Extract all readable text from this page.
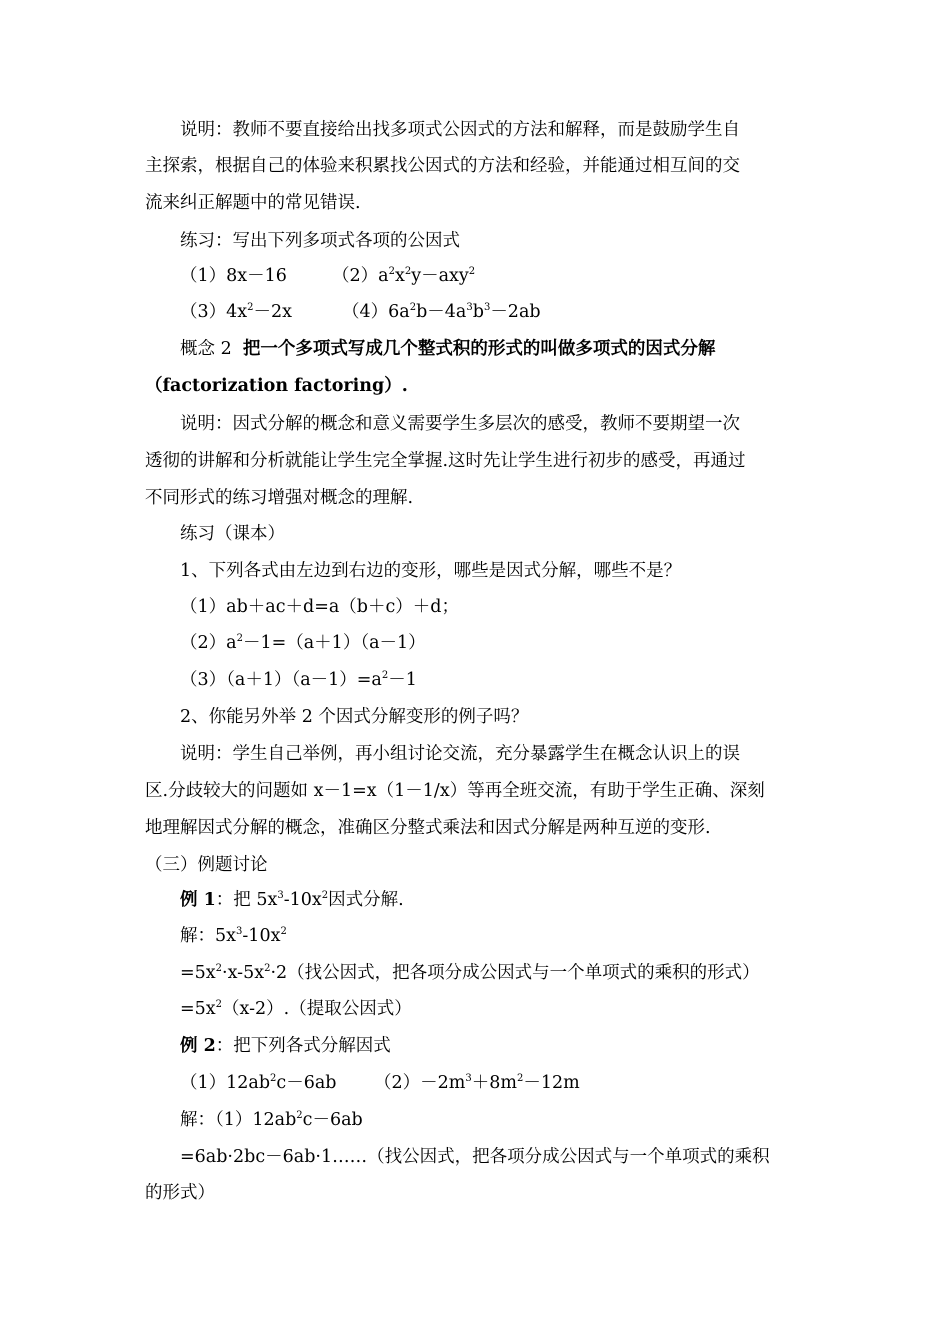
说明：教师不要直接给出找多项式公因式的方法和解释，而是鼓励学生自
主探索，根据自己的体验来积累找公因式的方法和经验，并能通过相互间的交
流来纠正解题中的常见错误.
练习：写出下列多项式各项的公因式
（1）8x－16	$(2)a^2x^2y-axy^2$
$(3)4x^2-2x$	$(4)6a^2b-4a^3b^3-2ab$
概念 2 把一个多项式写成几个整式积的形式的叫做多项式的因式分解
（factorization factoring）.
说明：因式分解的概念和意义需要学生多层次的感受，教师不要期望一次
透彻的讲解和分析就能让学生完全掌握.这时先让学生进行初步的感受，再通过
不同形式的练习增强对概念的理解.
练习（课本）
1、下列各式由左边到右边的变形，哪些是因式分解，哪些不是？
（1）ab＋ac＋d=a（b＋c）＋d；
$(2)a^2-1=(a+1)(a-1)$
$(3)(a+1)(a-1)=a^2-1$
2、你能另外举 2 个因式分解变形的例子吗？
说明：学生自己举例，再小组讨论交流，充分暴露学生在概念认识上的误
区.分歧较大的问题如 x－1=x（1－1/x）等再全班交流，有助于学生正确、深刻
地理解因式分解的概念，准确区分整式乘法和因式分解是两种互逆的变形.
（三）例题讨论
例 1：把 $5x^3-10x^2$因式分解.
解：$5x^3-10x^2$
$=5x^2\cdot x-5x^2\cdot 2$（找公因式，把各项分成公因式与一个单项式的乘积的形式）
$=5x^2(x-2)$.（提取公因式）
例 2：把下列各式分解因式
$(1)12ab^2c-6ab$ $(2)-2m^3+8m^2-12m$
解：$(1)12ab^2c-6ab$
=6ab·2bc－6ab·1……（找公因式，把各项分成公因式与一个单项式的乘积
的形式）
